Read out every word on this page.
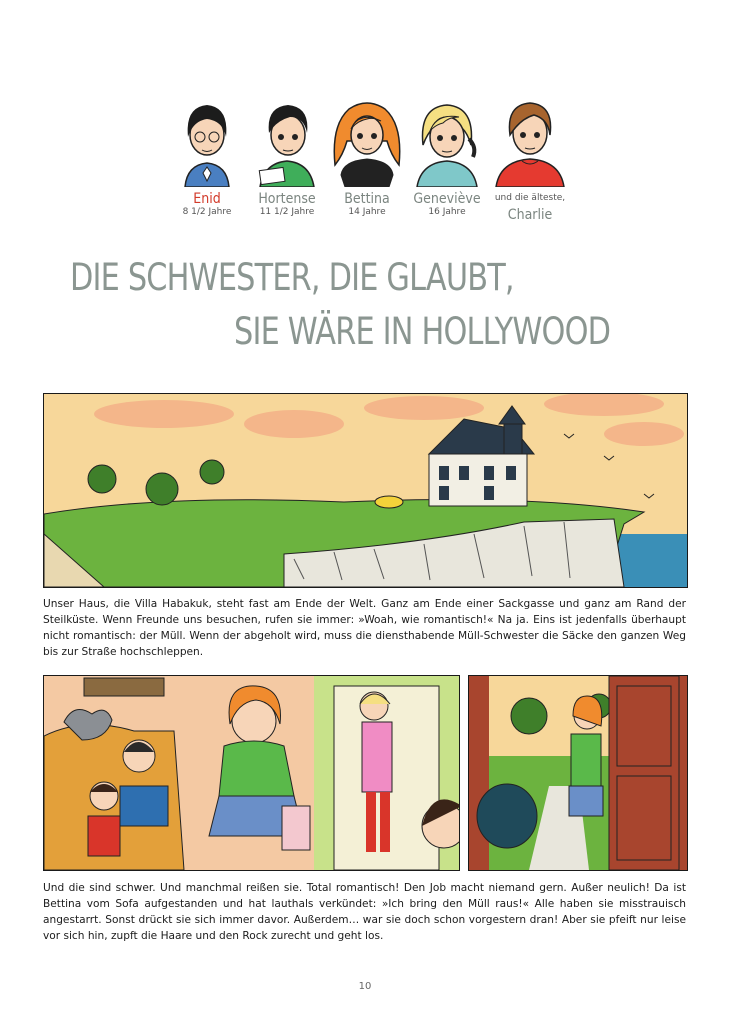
Enid
8 1/2 Jahre
Hortense
11 1/2 Jahre
Bettina
14 Jahre
Geneviève
16 Jahre
und die älteste,
Charlie
DIE SCHWESTER, DIE GLAUBT,
SIE WÄRE IN HOLLYWOOD
Unser Haus, die Villa Habakuk, steht fast am Ende der Welt. Ganz am Ende einer Sackgasse und ganz am Rand der Steilküste. Wenn Freunde uns besuchen, rufen sie immer: »Woah, wie romantisch!« Na ja. Eins ist jedenfalls überhaupt nicht romantisch: der Müll. Wenn der abgeholt wird, muss die diensthabende Müll-Schwester die Säcke den ganzen Weg bis zur Straße hochschleppen.
Und die sind schwer. Und manchmal reißen sie. Total romantisch! Den Job macht niemand gern. Außer neulich! Da ist Bettina vom Sofa aufgestanden und hat lauthals verkündet: »Ich bring den Müll raus!« Alle haben sie misstrauisch angestarrt. Sonst drückt sie sich immer davor. Außerdem… war sie doch schon vorgestern dran! Aber sie pfeift nur leise vor sich hin, zupft die Haare und den Rock zurecht und geht los.
10
